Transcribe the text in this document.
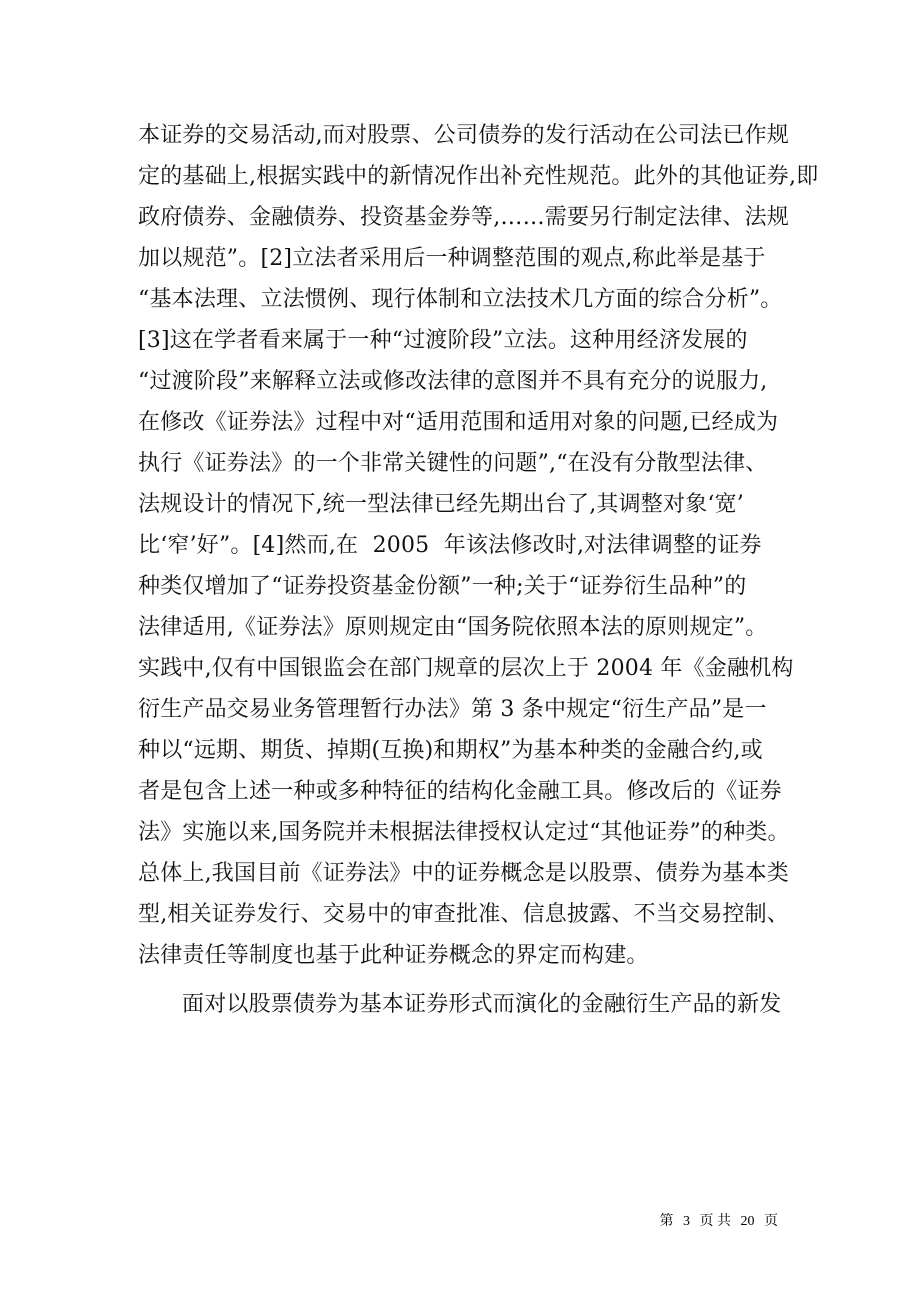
本证券的交易活动,而对股票、公司债券的发行活动在公司法已作规
定的基础上,根据实践中的新情况作出补充性规范。此外的其他证券,即
政府债券、金融债券、投资基金券等,……需要另行制定法律、法规
加以规范”。[2]立法者采用后一种调整范围的观点,称此举是基于
“基本法理、立法惯例、现行体制和立法技术几方面的综合分析”。
[3]这在学者看来属于一种“过渡阶段”立法。这种用经济发展的
“过渡阶段”来解释立法或修改法律的意图并不具有充分的说服力,
在修改《证券法》过程中对“适用范围和适用对象的问题,已经成为
执行《证券法》的一个非常关键性的问题”,“在没有分散型法律、
法规设计的情况下,统一型法律已经先期出台了,其调整对象‘宽’
比‘窄’好”。[4]然而,在  2005  年该法修改时,对法律调整的证券
种类仅增加了“证券投资基金份额”一种;关于“证券衍生品种”的
法律适用,《证券法》原则规定由“国务院依照本法的原则规定”。
实践中,仅有中国银监会在部门规章的层次上于 2004 年《金融机构
衍生产品交易业务管理暂行办法》第 3 条中规定“衍生产品”是一
种以“远期、期货、掉期(互换)和期权”为基本种类的金融合约,或
者是包含上述一种或多种特征的结构化金融工具。修改后的《证券
法》实施以来,国务院并未根据法律授权认定过“其他证券”的种类。
总体上,我国目前《证券法》中的证券概念是以股票、债券为基本类
型,相关证券发行、交易中的审查批准、信息披露、不当交易控制、
法律责任等制度也基于此种证券概念的界定而构建。
面对以股票债券为基本证券形式而演化的金融衍生产品的新发
第 3 页 共 20 页
